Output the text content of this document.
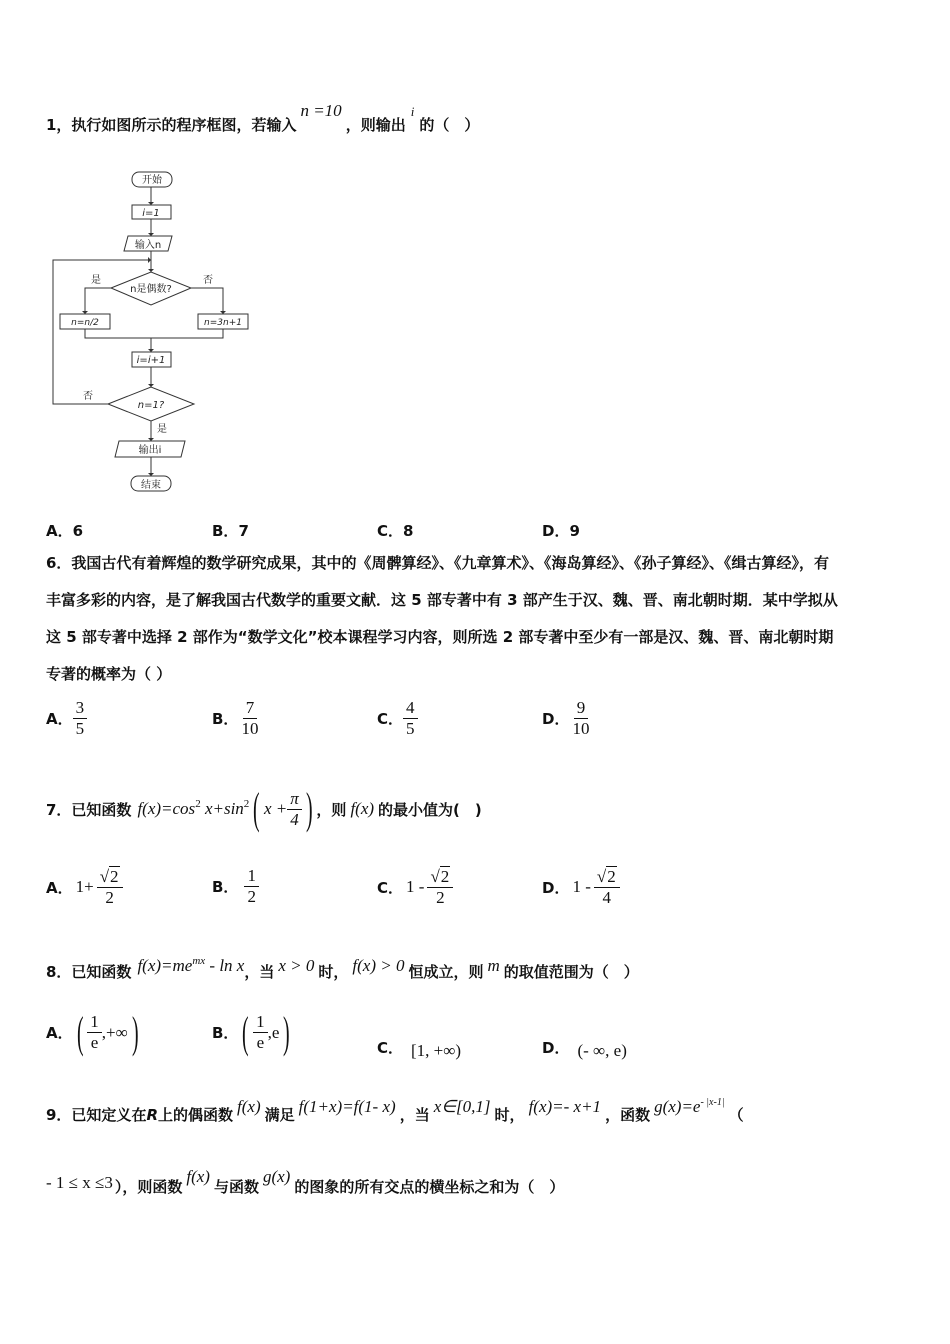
1，执行如图所示的程序框图，若输入n =10，则输出i的（　）
开始
i=1
输入n
n是偶数?
是	否
n=n/2	n=3n+1
i=i+1
n=1?
否
是
输出i
结束
A．6	B．7	C．8	D．9
6．我国古代有着辉煌的数学研究成果，其中的《周髀算经》、《九章算术》、《海岛算经》、《孙子算经》、《缉古算经》，有
丰富多彩的内容，是了解我国古代数学的重要文献．这 5 部专著中有 3 部产生于汉、魏、晋、南北朝时期．某中学拟从
这 5 部专著中选择 2 部作为“数学文化”校本课程学习内容，则所选 2 部专著中至少有一部是汉、魏、晋、南北朝时期
专著的概率为（ ）
A． $\frac{3}{5}$	B． $\frac{7}{10}$	C． $\frac{4}{5}$	D． $\frac{9}{10}$
7．已知函数 $f(x)=\cos^2$ $x+\sin^2$ ( $x + \frac{\pi}{4}$ ) ，则 f(x) 的最小值为(　)
A． $1+ \frac{√2}{2}$	B． $\frac{1}{2}$	C． $1 - \frac{√2}{2}$	D． $1 - \frac{√2}{4}$
8．已知函数 $f(x)=me^{mx} - \ln x$，当 x > 0 时， f(x) > 0 恒成立，则 m 的取值范围为（　）
A． ( $\frac{1}{e}$ ,+∞ )	B． ( $\frac{1}{e} ,e$ )	C． [1, +∞)	D． (- ∞, e)
9．已知定义在R上的偶函数 f(x) 满足 f(1+x)=f(1- x) ，当 x∈[0,1] 时， f(x)=- x+1 ，函数 $g(x)=e^{- |x-1|}$（
- 1 ≤ x ≤3 ），则函数f(x)与函数g(x)的图象的所有交点的横坐标之和为（　）
